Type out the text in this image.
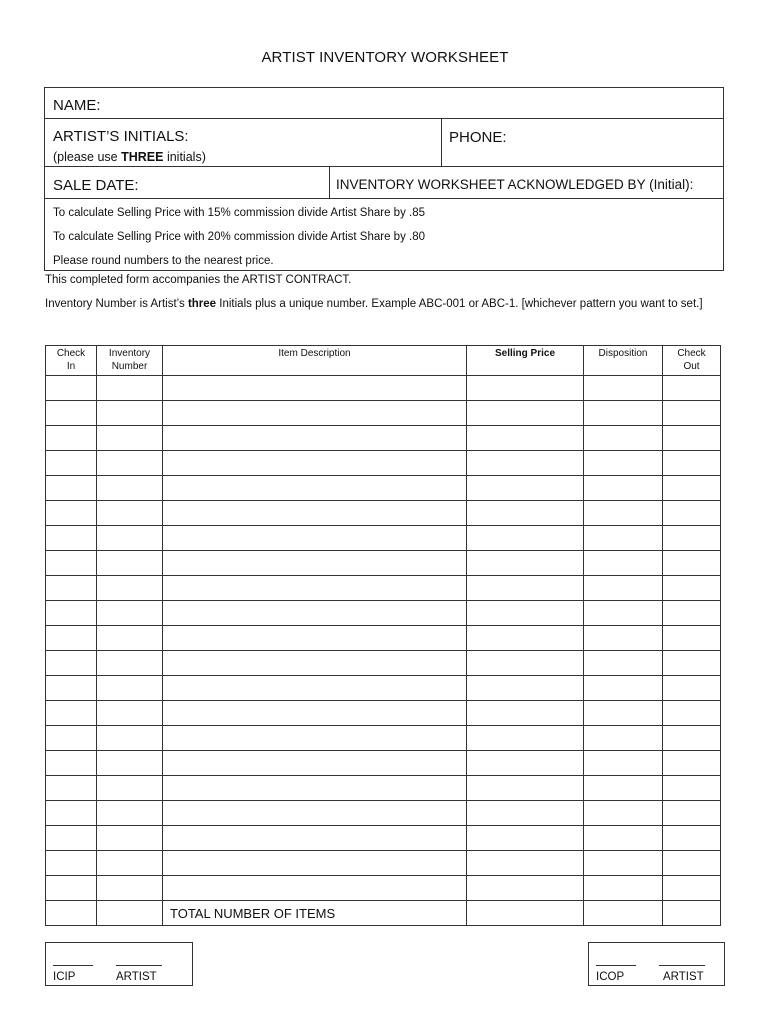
ARTIST INVENTORY WORKSHEET
NAME:
ARTIST’S INITIALS:
(please use THREE initials)
PHONE:
SALE DATE:	INVENTORY WORKSHEET ACKNOWLEDGED BY (Initial):
To calculate Selling Price with 15% commission divide Artist Share by .85
To calculate Selling Price with 20% commission divide Artist Share by .80
Please round numbers to the nearest price.
This completed form accompanies the ARTIST CONTRACT.
Inventory Number is Artist’s three Initials plus a unique number. Example ABC-001 or ABC-1. [whichever pattern you want to set.]
Check In	Inventory Number	Item Description	Selling Price	Disposition	Check Out

		TOTAL NUMBER OF ITEMS			
ICIP	ARTIST	ICOP	ARTIST
